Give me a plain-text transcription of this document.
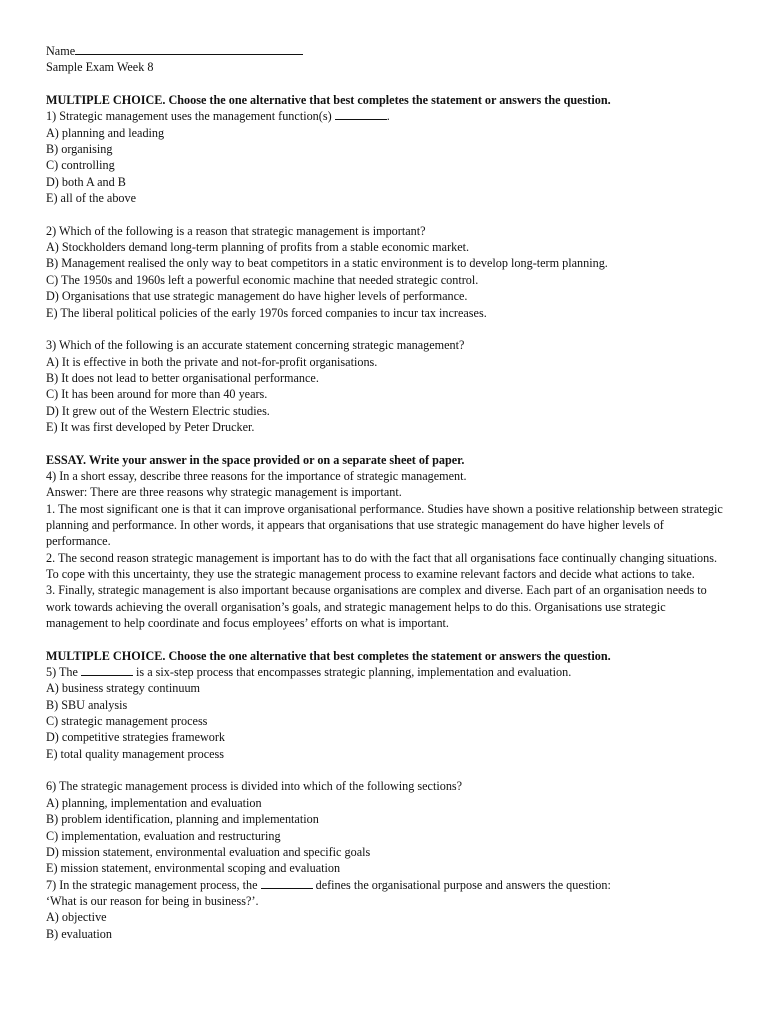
Name
Sample Exam Week 8
MULTIPLE CHOICE. Choose the one alternative that best completes the statement or answers the question.
1) Strategic management uses the management function(s)	.
A) planning and leading
B) organising
C) controlling
D) both A and B
E) all of the above
2) Which of the following is a reason that strategic management is important?
A) Stockholders demand long-term planning of profits from a stable economic market.
B) Management realised the only way to beat competitors in a static environment is to develop long-term planning.
C) The 1950s and 1960s left a powerful economic machine that needed strategic control.
D) Organisations that use strategic management do have higher levels of performance.
E) The liberal political policies of the early 1970s forced companies to incur tax increases.
3) Which of the following is an accurate statement concerning strategic management?
A) It is effective in both the private and not-for-profit organisations.
B) It does not lead to better organisational performance.
C) It has been around for more than 40 years.
D) It grew out of the Western Electric studies.
E) It was first developed by Peter Drucker.
ESSAY. Write your answer in the space provided or on a separate sheet of paper.
4) In a short essay, describe three reasons for the importance of strategic management.
Answer: There are three reasons why strategic management is important.
1. The most significant one is that it can improve organisational performance. Studies have shown a positive relationship between strategic planning and performance. In other words, it appears that organisations that use strategic management do have higher levels of performance.
2. The second reason strategic management is important has to do with the fact that all organisations face continually changing situations. To cope with this uncertainty, they use the strategic management process to examine relevant factors and decide what actions to take.
3. Finally, strategic management is also important because organisations are complex and diverse. Each part of an organisation needs to work towards achieving the overall organisation’s goals, and strategic management helps to do this. Organisations use strategic management to help coordinate and focus employees’ efforts on what is important.
MULTIPLE CHOICE. Choose the one alternative that best completes the statement or answers the question.
5) The	is a six-step process that encompasses strategic planning, implementation and evaluation.
A) business strategy continuum
B) SBU analysis
C) strategic management process
D) competitive strategies framework
E) total quality management process
6) The strategic management process is divided into which of the following sections?
A) planning, implementation and evaluation
B) problem identification, planning and implementation
C) implementation, evaluation and restructuring
D) mission statement, environmental evaluation and specific goals
E) mission statement, environmental scoping and evaluation
7) In the strategic management process, the	defines the organisational purpose and answers the question:
‘What is our reason for being in business?’.
A) objective
B) evaluation
